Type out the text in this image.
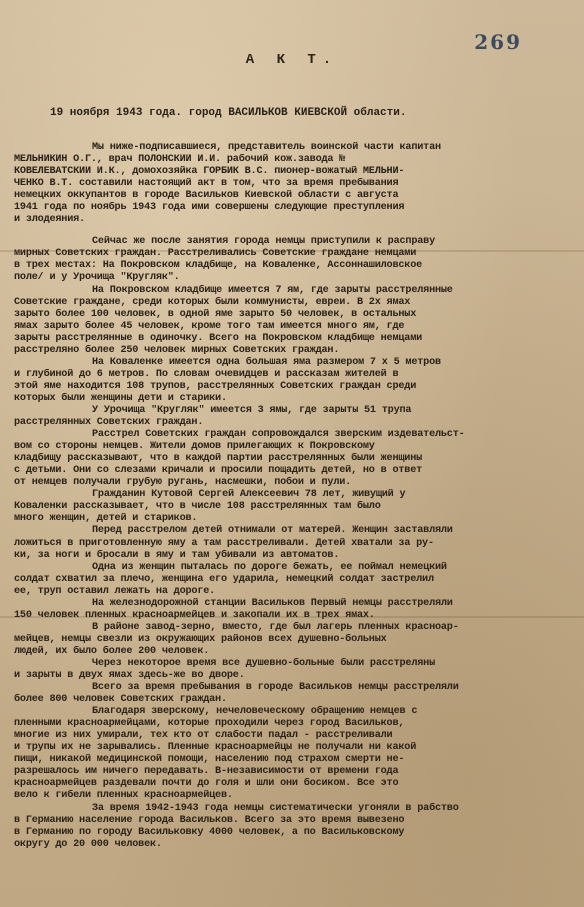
269
А К Т.
19 ноября 1943 года. город ВАСИЛЬКОВ КИЕВСКОЙ области.
Мы ниже-подписавшиеся, представитель воинской части капитан
МЕЛЬНИКИН О.Г., врач ПОЛОНСКИЙ И.И. рабочий кож.завода №
КОВЕЛЕВАТСКИЙ И.К., домохозяйка ГОРБИК В.С. пионер-вожатый МЕЛЬНИ-
ЧЕНКО В.Т. составили настоящий акт в том, что за время пребывания
немецких оккупантов в городе Васильков Киевской области с августа
1941 года по ноябрь 1943 года ими совершены следующие преступления
и злодеяния.
Сейчас же после занятия города немцы приступили к расправу
мирных Советских граждан. Расстреливались Советские граждане немцами
в трех местах: На Покровском кладбище, на Коваленке, Ассоннашиловское
поле/ и у Урочища "Кругляк".
На Покровском кладбище имеется 7 ям, где зарыты расстрелянные
Советские граждане, среди которых были коммунисты, евреи. В 2х ямах
зарыто более 100 человек, в одной яме зарыто 50 человек, в остальных
ямах зарыто более 45 человек, кроме того там имеется много ям, где
зарыты расстрелянные в одиночку. Всего на Покровском кладбище немцами
расстреляно более 250 человек мирных Советских граждан.
На Коваленке имеется одна большая яма размером 7 x 5 метров
и глубиной до 6 метров. По словам очевидцев и рассказам жителей в
этой яме находится 108 трупов, расстрелянных Советских граждан среди
которых были женщины дети и старики.
У Урочища "Кругляк" имеется 3 ямы, где зарыты 51 трупа
расстрелянных Советских граждан.
Расстрел Советских граждан сопровождался зверским издевательст-
вом со стороны немцев. Жители домов прилегающих к Покровскому
кладбищу рассказывают, что в каждой партии расстрелянных были женщины
с детьми. Они со слезами кричали и просили пощадить детей, но в ответ
от немцев получали грубую ругань, насмешки, побои и пули.
Гражданин Кутовой Сергей Алексеевич 78 лет, живущий у
Коваленки рассказывает, что в числе 108 расстрелянных там было
много женщин, детей и стариков.
Перед расстрелом детей отнимали от матерей. Женщин заставляли
ложиться в приготовленную яму а там расстреливали. Детей хватали за ру-
ки, за ноги и бросали в яму и там убивали из автоматов.
Одна из женщин пыталась по дороге бежать, ее поймал немецкий
солдат схватил за плечо, женщина его ударила, немецкий солдат застрелил
ее, труп оставил лежать на дороге.
На железнодорожной станции Васильков Первый немцы расстреляли
150 человек пленных красноармейцев и закопали их в трех ямах.
В районе завод-зерно, вместо, где был лагерь пленных красноар-
мейцев, немцы свезли из окружающих районов всех душевно-больных
людей, их было более 200 человек.
Через некоторое время все душевно-больные были расстреляны
и зарыты в двух ямах здесь-же во дворе.
Всего за время пребывания в городе Васильков немцы расстреляли
более 800 человек Советских граждан.
Благодаря зверскому, нечеловеческому обращению немцев с
пленными красноармейцами, которые проходили через город Васильков,
многие из них умирали, тех кто от слабости падал - расстреливали
и трупы их не зарывались. Пленные красноармейцы не получали ни какой
пищи, никакой медицинской помощи, населению под страхом смерти не-
разрешалось им ничего передавать. В-независимости от времени года
красноармейцев раздевали почти до голя и шли они босиком. Все это
вело к гибели пленных красноармейцев.
За время 1942-1943 года немцы систематически угоняли в рабство
в Германию население города Васильков. Всего за это время вывезено
в Германию по городу Васильковку 4000 человек, а по Васильковскому
округу до 20 000 человек.
